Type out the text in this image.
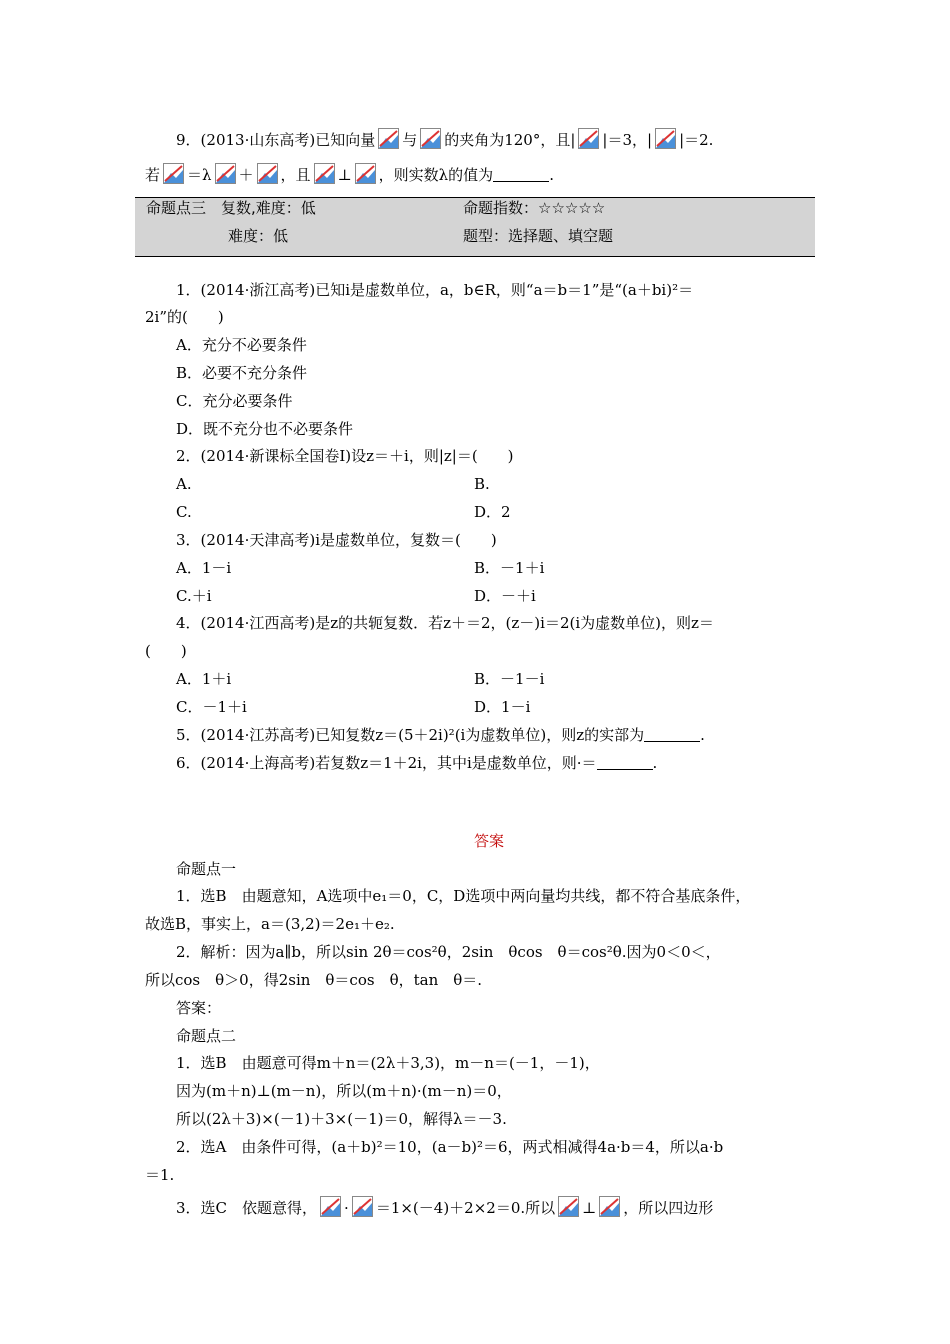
9．(2013·山东高考)已知向量 与 的夹角为120°，且| |＝3，| |＝2.
若 ＝λ ＋ ，且 ⊥ ，则实数λ的值为	.
命题点三　复数,难度：低	命题指数：☆☆☆☆☆
难度：低	题型：选择题、填空题
1．(2014·浙江高考)已知i是虚数单位，a，b∈R，则“a＝b＝1”是“(a＋bi)²＝
2i”的(　　)
A．充分不必要条件
B．必要不充分条件
C．充分必要条件
D．既不充分也不必要条件
2．(2014·新课标全国卷Ⅰ)设z＝＋i，则|z|＝(　　)
A.	B.
C.	D．2
3．(2014·天津高考)i是虚数单位，复数＝(　　)
A．1－i	B．－1＋i
C.＋i	D．－＋i
4．(2014·江西高考)是z的共轭复数．若z＋＝2，(z－)i＝2(i为虚数单位)，则z＝
(　　)
A．1＋i	B．－1－i
C．－1＋i	D．1－i
5．(2014·江苏高考)已知复数z＝(5＋2i)²(i为虚数单位)，则z的实部为	.
6．(2014·上海高考)若复数z＝1＋2i，其中i是虚数单位，则·＝	.
答案
命题点一
1．选B　由题意知，A选项中e₁＝0，C，D选项中两向量均共线，都不符合基底条件，
故选B，事实上，a＝(3,2)＝2e₁＋e₂.
2．解析：因为a∥b，所以sin 2θ＝cos²θ，2sin　θcos　θ＝cos²θ.因为0＜0＜，
所以cos　θ＞0，得2sin　θ＝cos　θ，tan　θ＝.
答案：
命题点二
1．选B　由题意可得m＋n＝(2λ＋3,3)，m－n＝(－1，－1)，
因为(m＋n)⊥(m－n)，所以(m＋n)·(m－n)＝0，
所以(2λ＋3)×(－1)＋3×(－1)＝0，解得λ＝－3.
2．选A　由条件可得，(a＋b)²＝10，(a－b)²＝6，两式相减得4a·b＝4，所以a·b
＝1.
3．选C　依题意得， · ＝1×(－4)＋2×2＝0.所以 ⊥ ，所以四边形
